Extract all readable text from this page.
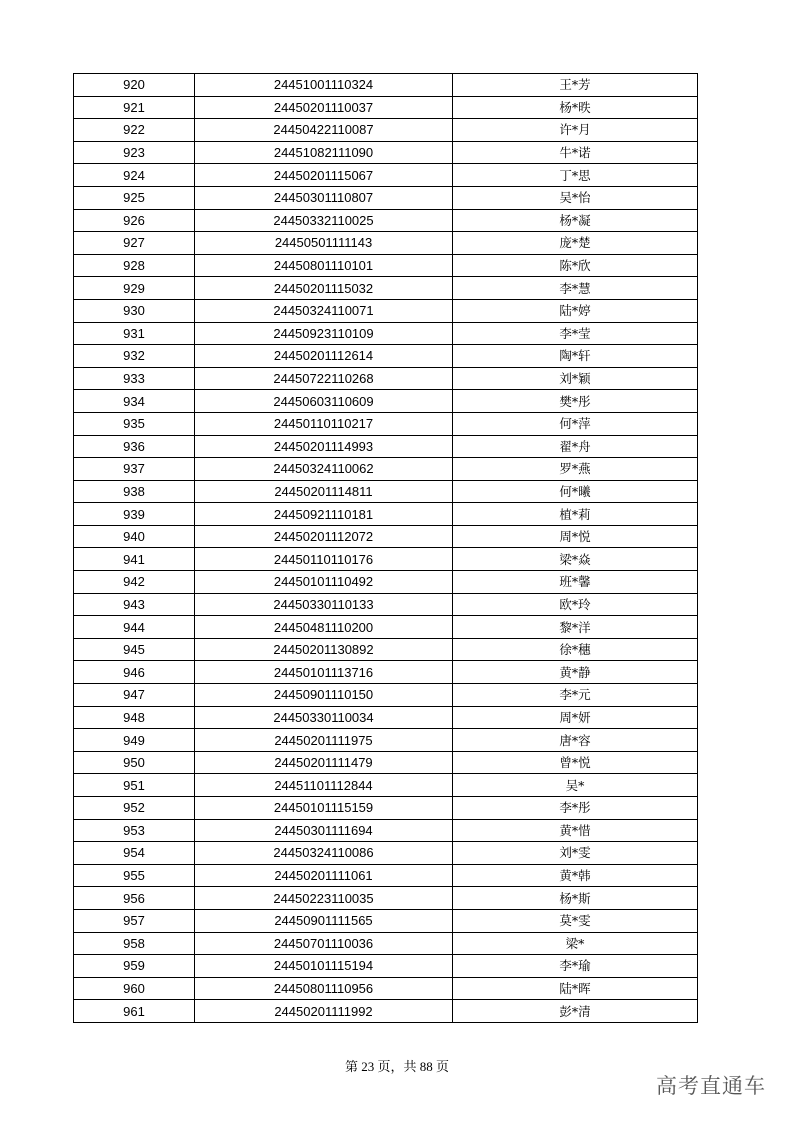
920	24451001110324	王*芳
921	24450201110037	杨*昳
922	24450422110087	许*月
923	24451082111090	牛*诺
924	24450201115067	丁*思
925	24450301110807	吴*怡
926	24450332110025	杨*凝
927	24450501111143	庞*楚
928	24450801110101	陈*欣
929	24450201115032	李*慧
930	24450324110071	陆*婷
931	24450923110109	李*莹
932	24450201112614	陶*轩
933	24450722110268	刘*颖
934	24450603110609	樊*彤
935	24450110110217	何*萍
936	24450201114993	翟*舟
937	24450324110062	罗*燕
938	24450201114811	何*曦
939	24450921110181	植*莉
940	24450201112072	周*悦
941	24450110110176	梁*焱
942	24450101110492	班*馨
943	24450330110133	欧*玲
944	24450481110200	黎*洋
945	24450201130892	徐*穗
946	24450101113716	黄*静
947	24450901110150	李*元
948	24450330110034	周*妍
949	24450201111975	唐*容
950	24450201111479	曾*悦
951	24451101112844	吴*
952	24450101115159	李*彤
953	24450301111694	黄*惜
954	24450324110086	刘*雯
955	24450201111061	黄*韩
956	24450223110035	杨*斯
957	24450901111565	莫*雯
958	24450701110036	梁*
959	24450101115194	李*瑜
960	24450801110956	陆*晖
961	24450201111992	彭*清
第 23 页，共 88 页
高考直通车
